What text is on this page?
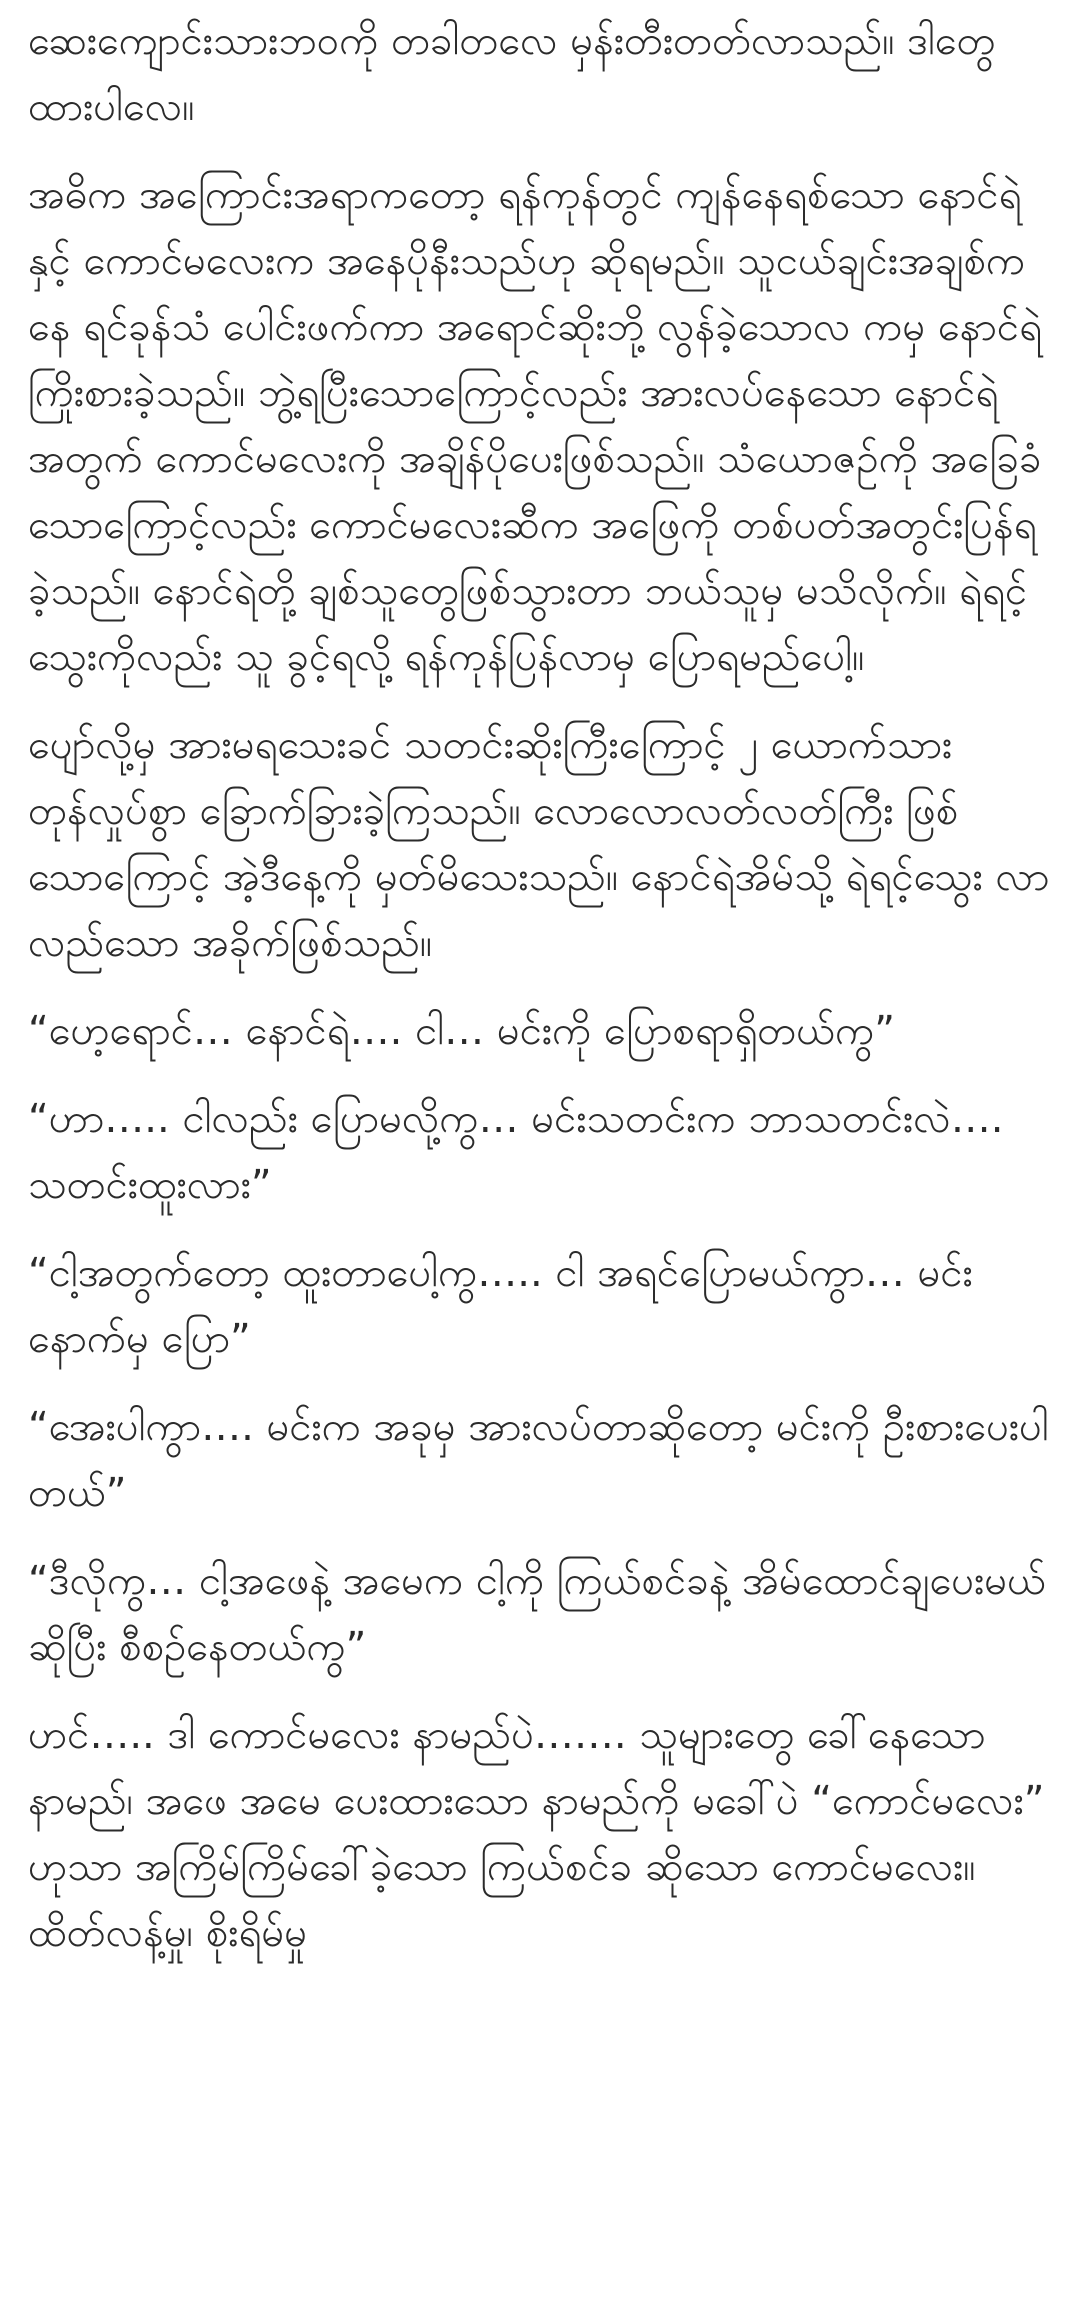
ဆေးကျောင်းသားဘဝကို တခါတလေ မှန်းတီးတတ်လာသည်။ ဒါတွေထားပါလေ။

အဓိက အကြောင်းအရာကတော့ ရန်ကုန်တွင် ကျန်နေရစ်သော နောင်ရဲနှင့် ကောင်မလေးက အနေပိုနီးသည်ဟု ဆိုရမည်။ သူငယ်ချင်းအချစ်ကနေ ရင်ခုန်သံ ပေါင်းဖက်ကာ အရောင်ဆိုးဘို့ လွန်ခဲ့သောလ ကမှ နောင်ရဲ ကြိုးစားခဲ့သည်။ ဘွဲ့ရပြီးသောကြောင့်လည်း အားလပ်နေသော နောင်ရဲအတွက် ကောင်မလေးကို အချိန်ပိုပေးဖြစ်သည်။ သံယောဇဉ်ကို အခြေခံသောကြောင့်လည်း ကောင်မလေးဆီက အဖြေကို တစ်ပတ်အတွင်းပြန်ရခဲ့သည်။ နောင်ရဲတို့ ချစ်သူတွေဖြစ်သွားတာ ဘယ်သူမှ မသိလိုက်။ ရဲရင့်သွေးကိုလည်း သူ ခွင့်ရလို့ ရန်ကုန်ပြန်လာမှ ပြောရမည်ပေါ့။

ပျော်လို့မှ အားမရသေးခင် သတင်းဆိုးကြီးကြောင့် ၂ ယောက်သား တုန်လှုပ်စွာ ခြောက်ခြားခဲ့ကြသည်။ လောလောလတ်လတ်ကြီး ဖြစ်သောကြောင့် အဲ့ဒီနေ့ကို မှတ်မိသေးသည်။ နောင်ရဲအိမ်သို့ ရဲရင့်သွေး လာလည်သော အခိုက်ဖြစ်သည်။

“ဟေ့ရောင်… နောင်ရဲ…. ငါ… မင်းကို ပြောစရာရှိတယ်ကွ”

“ဟာ….. ငါလည်း ပြောမလို့ကွ… မင်းသတင်းက ဘာသတင်းလဲ…. သတင်းထူးလား”

“ငါ့အတွက်တော့ ထူးတာပေါ့ကွ….. ငါ အရင်ပြောမယ်ကွာ… မင်းနောက်မှ ပြော”

“အေးပါကွာ…. မင်းက အခုမှ အားလပ်တာဆိုတော့ မင်းကို ဦးစားပေးပါတယ်”

“ဒီလိုကွ… ငါ့အဖေနဲ့ အမေက ငါ့ကို ကြယ်စင်ခနဲ့ အိမ်ထောင်ချပေးမယ်ဆိုပြီး စီစဉ်နေတယ်ကွ”

ဟင်….. ဒါ ကောင်မလေး နာမည်ပဲ……. သူများတွေ ခေါ်နေသော နာမည်၊ အဖေ အမေ ပေးထားသော နာမည်ကို မခေါ်ပဲ “ကောင်မလေး” ဟုသာ အကြိမ်ကြိမ်ခေါ်ခဲ့သော ကြယ်စင်ခ ဆိုသော ကောင်မလေး။ ထိတ်လန့်မှု၊ စိုးရိမ်မှု
